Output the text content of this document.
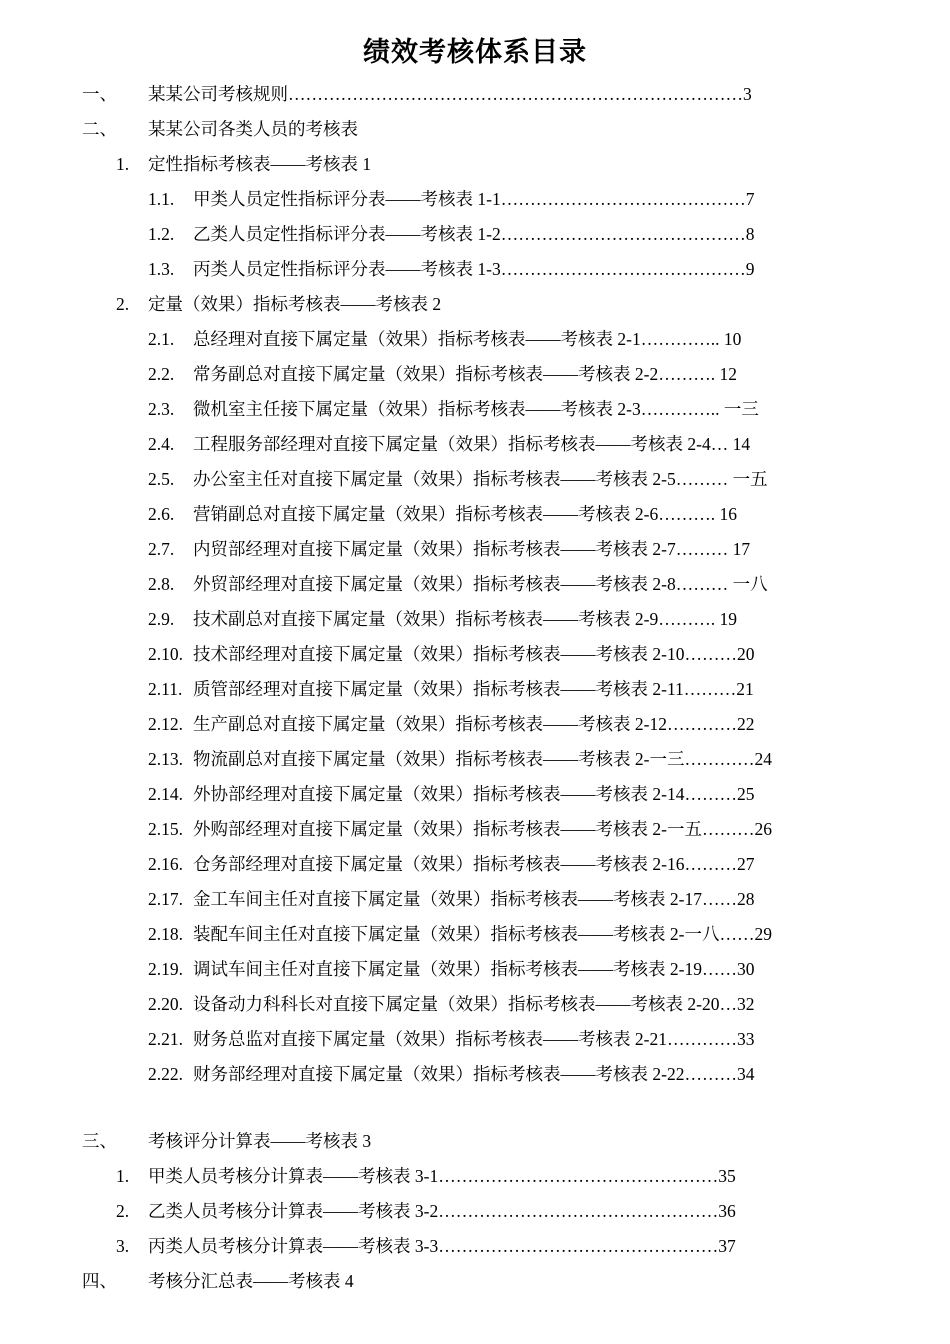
绩效考核体系目录
一、 某某公司考核规则……………………………………………………………………3
二、 某某公司各类人员的考核表
1. 定性指标考核表——考核表 1
1.1. 甲类人员定性指标评分表——考核表 1-1……………………………………7
1.2. 乙类人员定性指标评分表——考核表 1-2……………………………………8
1.3. 丙类人员定性指标评分表——考核表 1-3……………………………………9
2. 定量（效果）指标考核表——考核表 2
2.1. 总经理对直接下属定量（效果）指标考核表——考核表 2-1………….. 10
2.2. 常务副总对直接下属定量（效果）指标考核表——考核表 2-2………. 12
2.3. 微机室主任接下属定量（效果）指标考核表——考核表 2-3………….. 一三
2.4. 工程服务部经理对直接下属定量（效果）指标考核表——考核表 2-4… 14
2.5. 办公室主任对直接下属定量（效果）指标考核表——考核表 2-5……… 一五
2.6. 营销副总对直接下属定量（效果）指标考核表——考核表 2-6………. 16
2.7. 内贸部经理对直接下属定量（效果）指标考核表——考核表 2-7……… 17
2.8. 外贸部经理对直接下属定量（效果）指标考核表——考核表 2-8……… 一八
2.9. 技术副总对直接下属定量（效果）指标考核表——考核表 2-9………. 19
2.10. 技术部经理对直接下属定量（效果）指标考核表——考核表 2-10………20
2.11. 质管部经理对直接下属定量（效果）指标考核表——考核表 2-11………21
2.12. 生产副总对直接下属定量（效果）指标考核表——考核表 2-12…………22
2.13. 物流副总对直接下属定量（效果）指标考核表——考核表 2-一三…………24
2.14. 外协部经理对直接下属定量（效果）指标考核表——考核表 2-14………25
2.15. 外购部经理对直接下属定量（效果）指标考核表——考核表 2-一五………26
2.16. 仓务部经理对直接下属定量（效果）指标考核表——考核表 2-16………27
2.17. 金工车间主任对直接下属定量（效果）指标考核表——考核表 2-17……28
2.18. 装配车间主任对直接下属定量（效果）指标考核表——考核表 2-一八……29
2.19. 调试车间主任对直接下属定量（效果）指标考核表——考核表 2-19……30
2.20. 设备动力科科长对直接下属定量（效果）指标考核表——考核表 2-20…32
2.21. 财务总监对直接下属定量（效果）指标考核表——考核表 2-21…………33
2.22. 财务部经理对直接下属定量（效果）指标考核表——考核表 2-22………34
三、 考核评分计算表——考核表 3
1. 甲类人员考核分计算表——考核表 3-1…………………………………………35
2. 乙类人员考核分计算表——考核表 3-2…………………………………………36
3. 丙类人员考核分计算表——考核表 3-3…………………………………………37
四、 考核分汇总表——考核表 4
